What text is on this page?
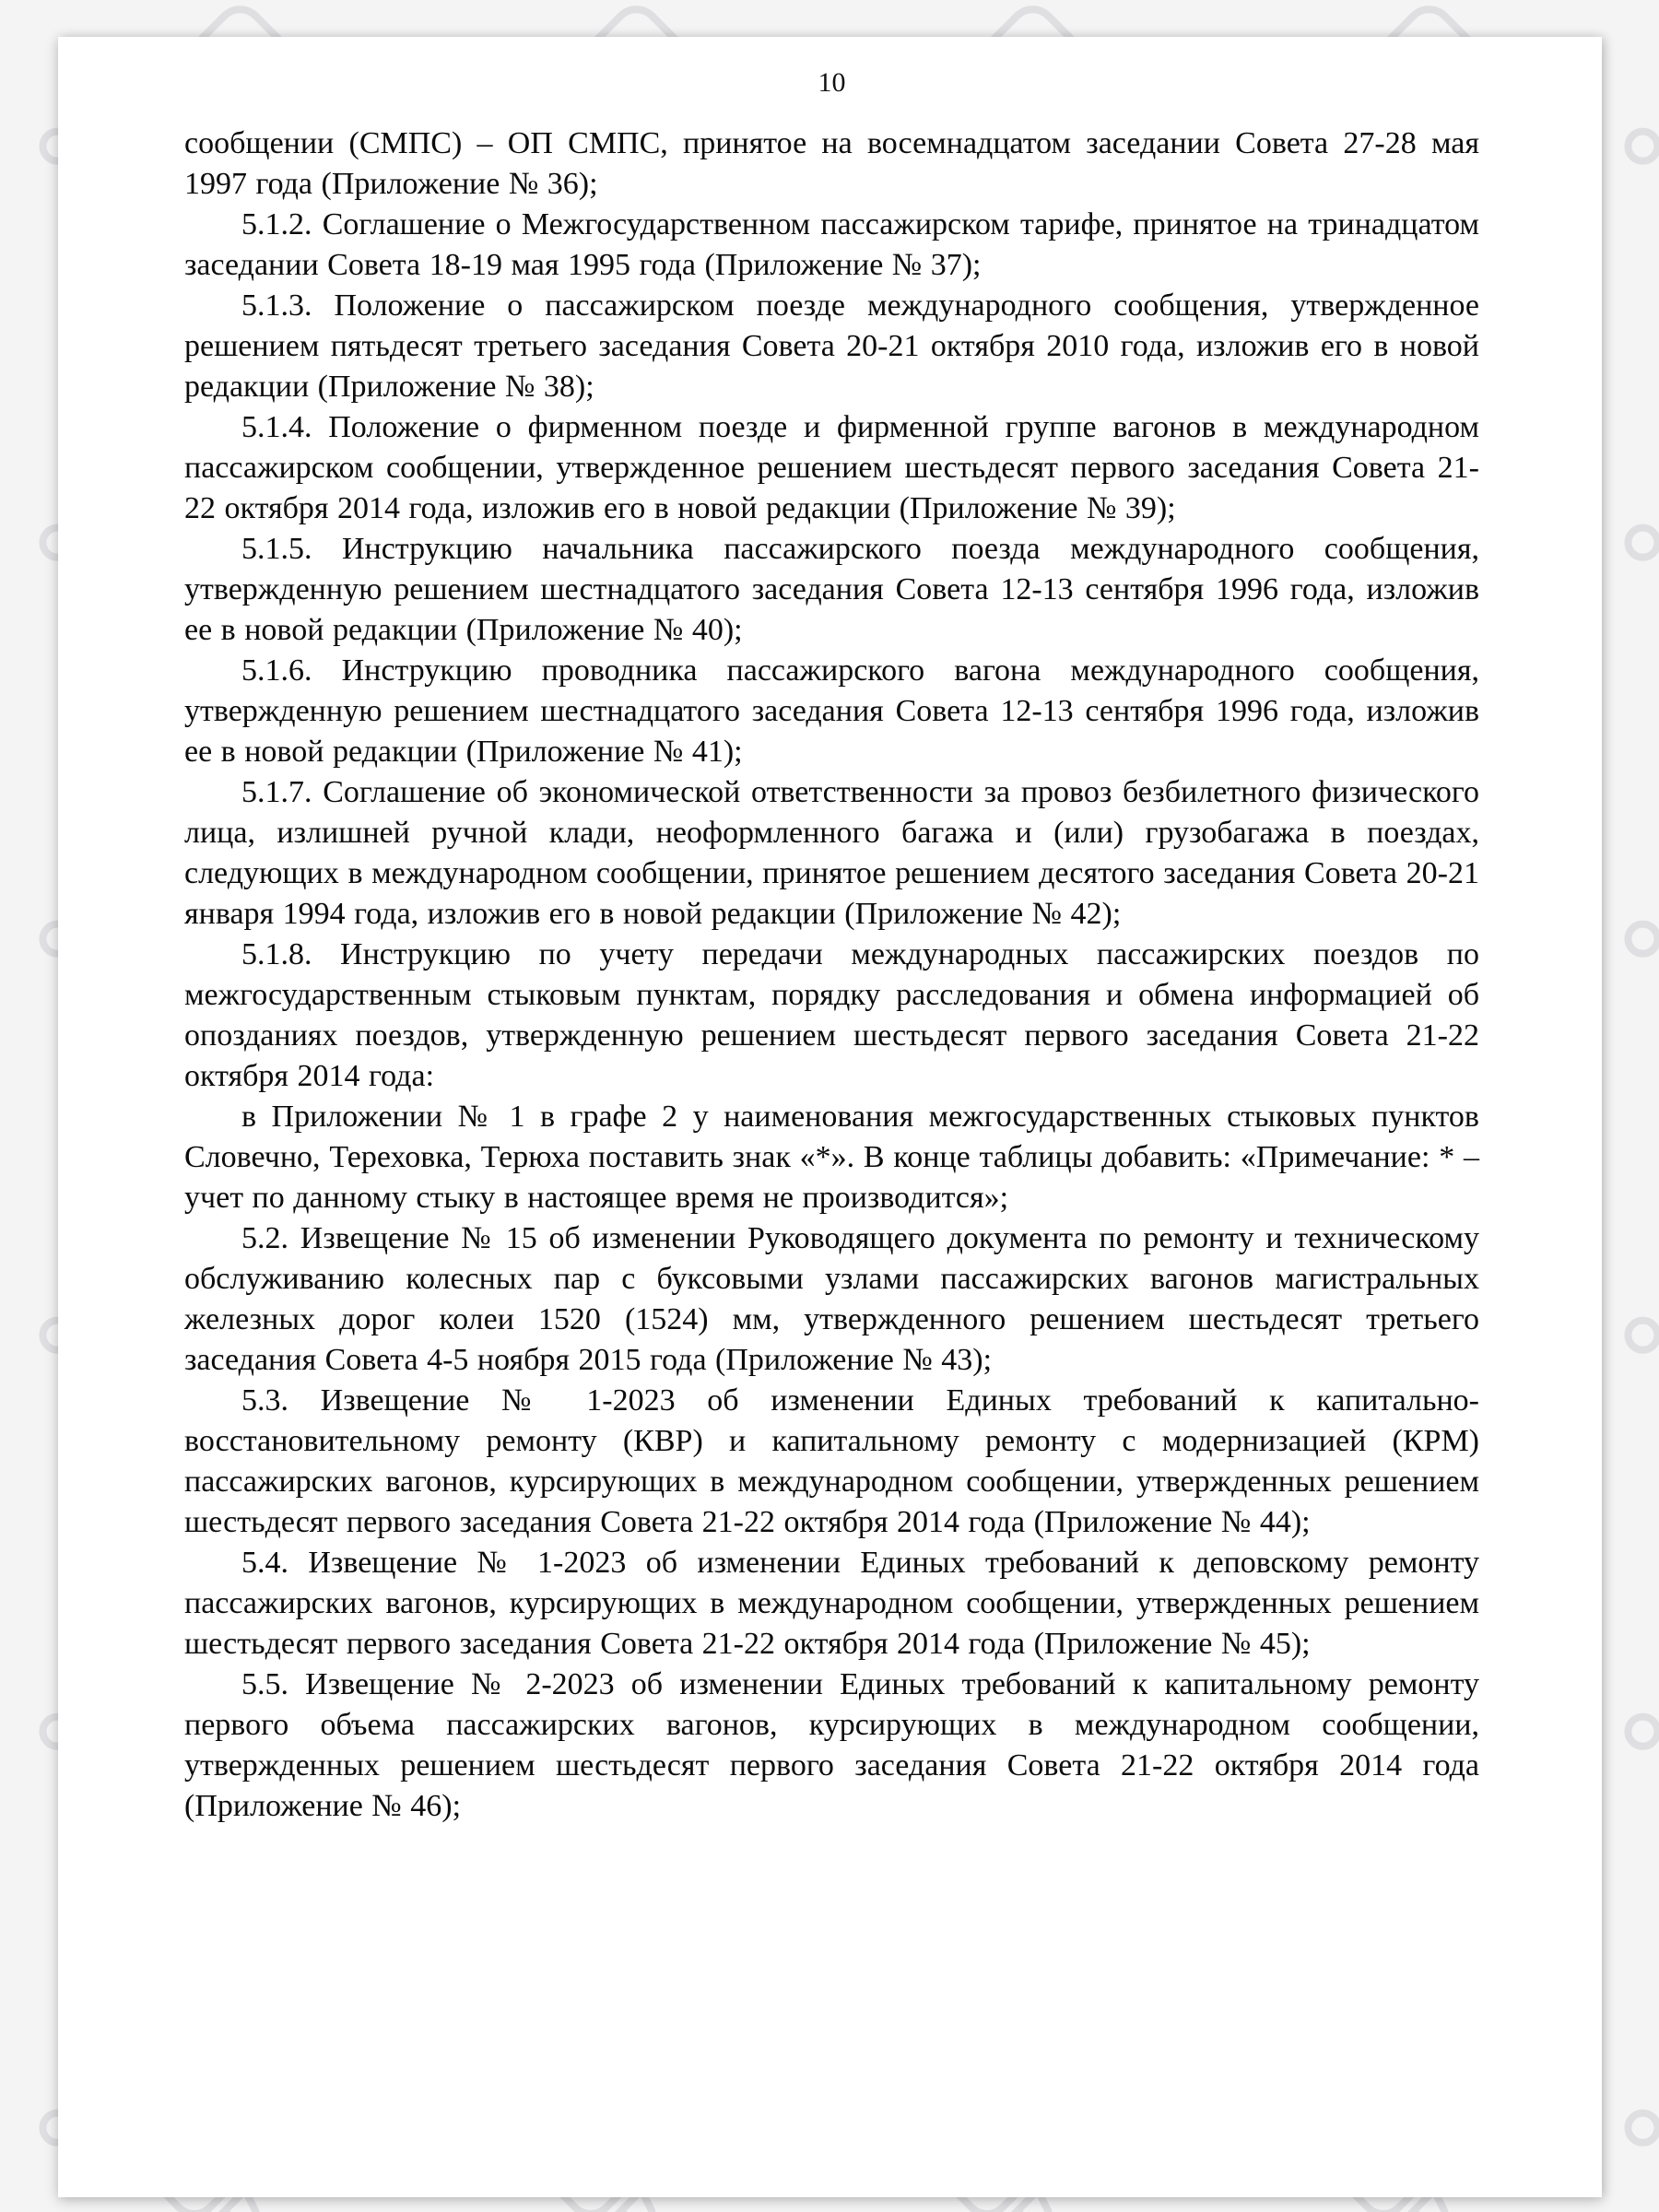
10

сообщении (СМПС) – ОП СМПС, принятое на восемнадцатом заседании Совета 27-28 мая 1997 года (Приложение № 36);

5.1.2. Соглашение о Межгосударственном пассажирском тарифе, принятое на тринадцатом заседании Совета 18-19 мая 1995 года (Приложение № 37);

5.1.3. Положение о пассажирском поезде международного сообщения, утвержденное решением пятьдесят третьего заседания Совета 20-21 октября 2010 года, изложив его в новой редакции (Приложение № 38);

5.1.4. Положение о фирменном поезде и фирменной группе вагонов в международном пассажирском сообщении, утвержденное решением шестьдесят первого заседания Совета 21-22 октября 2014 года, изложив его в новой редакции (Приложение № 39);

5.1.5. Инструкцию начальника пассажирского поезда международного сообщения, утвержденную решением шестнадцатого заседания Совета 12-13 сентября 1996 года, изложив ее в новой редакции (Приложение № 40);

5.1.6. Инструкцию проводника пассажирского вагона международного сообщения, утвержденную решением шестнадцатого заседания Совета 12-13 сентября 1996 года, изложив ее в новой редакции (Приложение № 41);

5.1.7. Соглашение об экономической ответственности за провоз безбилетного физического лица, излишней ручной клади, неоформленного багажа и (или) грузобагажа в поездах, следующих в международном сообщении, принятое решением десятого заседания Совета 20-21 января 1994 года, изложив его в новой редакции (Приложение № 42);

5.1.8. Инструкцию по учету передачи международных пассажирских поездов по межгосударственным стыковым пунктам, порядку расследования и обмена информацией об опозданиях поездов, утвержденную решением шестьдесят первого заседания Совета 21-22 октября 2014 года:

в Приложении № 1 в графе 2 у наименования межгосударственных стыковых пунктов Словечно, Тереховка, Терюха поставить знак «*». В конце таблицы добавить: «Примечание: * – учет по данному стыку в настоящее время не производится»;

5.2. Извещение № 15 об изменении Руководящего документа по ремонту и техническому обслуживанию колесных пар с буксовыми узлами пассажирских вагонов магистральных железных дорог колеи 1520 (1524) мм, утвержденного решением шестьдесят третьего заседания Совета 4-5 ноября 2015 года (Приложение № 43);

5.3. Извещение № 1-2023 об изменении Единых требований к капитально-восстановительному ремонту (КВР) и капитальному ремонту с модернизацией (КРМ) пассажирских вагонов, курсирующих в международном сообщении, утвержденных решением шестьдесят первого заседания Совета 21-22 октября 2014 года (Приложение № 44);

5.4. Извещение № 1-2023 об изменении Единых требований к деповскому ремонту пассажирских вагонов, курсирующих в международном сообщении, утвержденных решением шестьдесят первого заседания Совета 21-22 октября 2014 года (Приложение № 45);

5.5. Извещение № 2-2023 об изменении Единых требований к капитальному ремонту первого объема пассажирских вагонов, курсирующих в международном сообщении, утвержденных решением шестьдесят первого заседания Совета 21-22 октября 2014 года (Приложение № 46);
